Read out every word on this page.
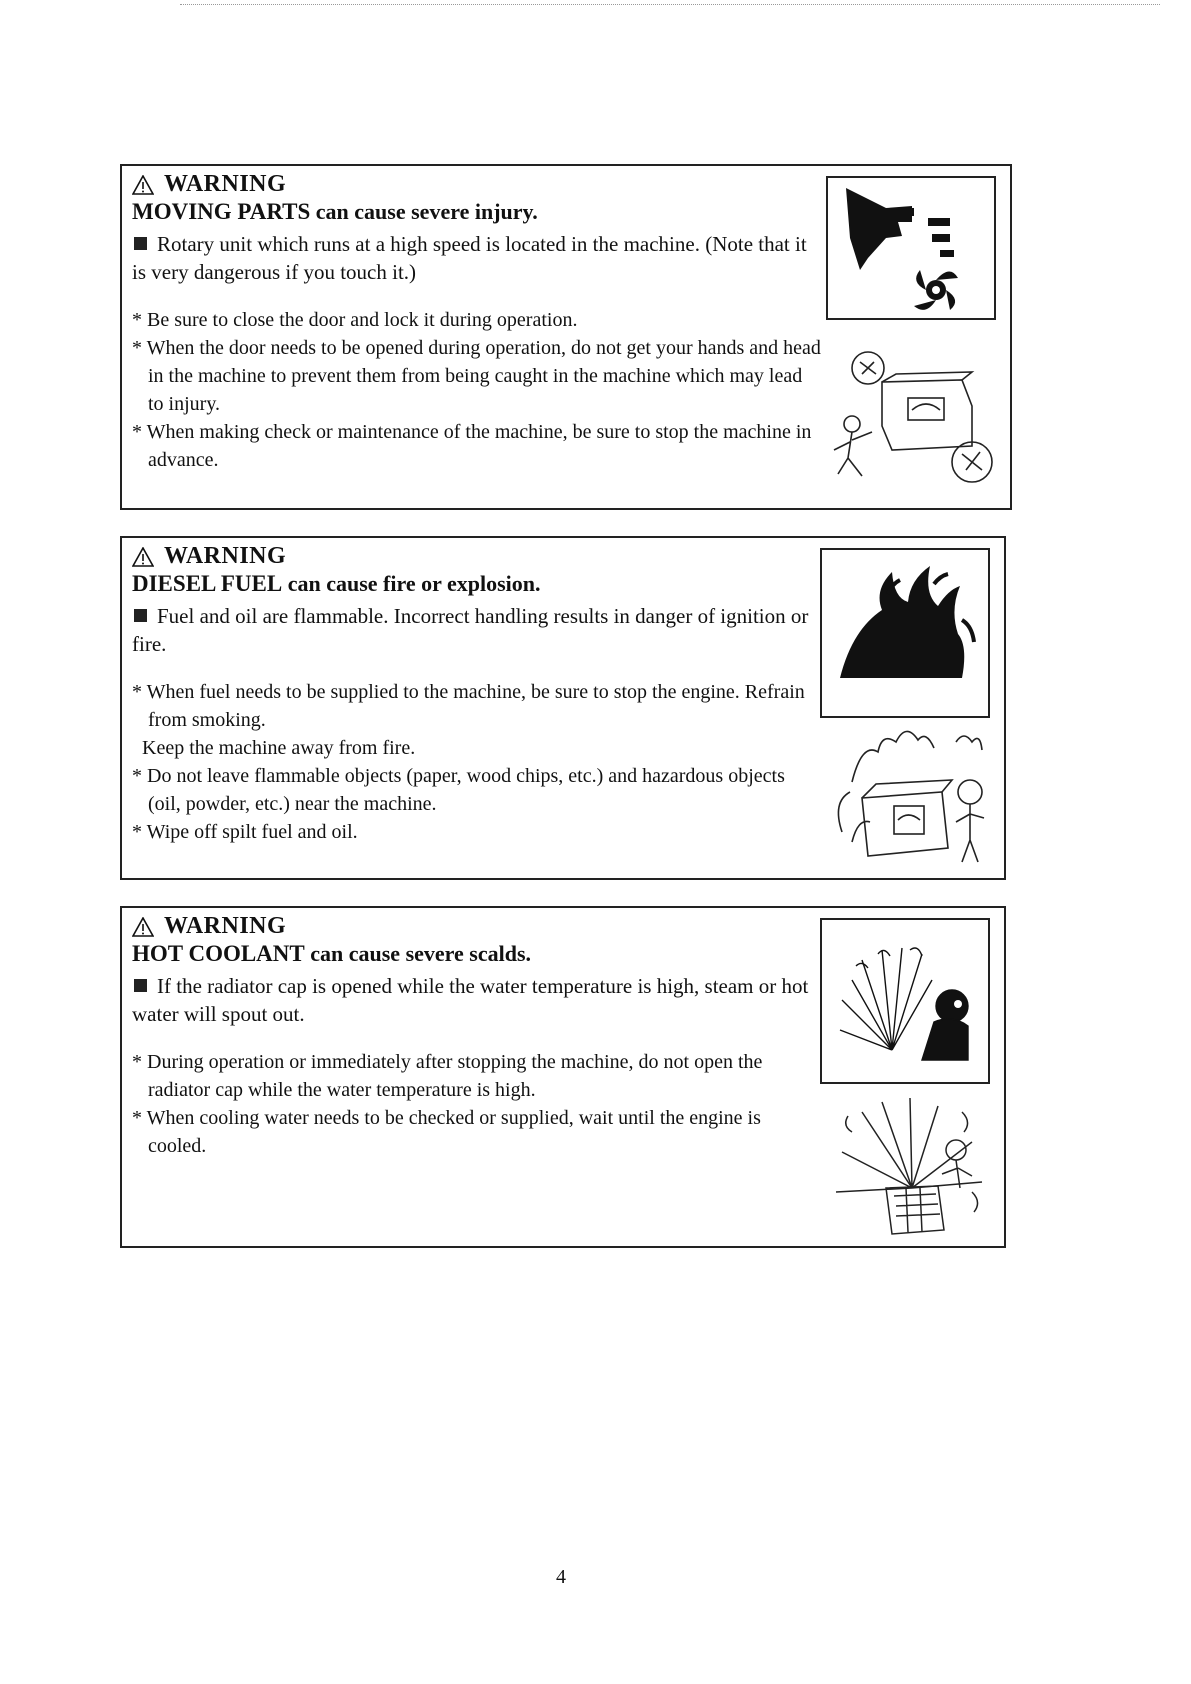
WARNING
MOVING PARTS can cause severe injury.
Rotary unit which runs at a high speed is located in the machine. (Note that it is very dangerous if you touch it.)
* Be sure to close the door and lock it during operation.
* When the door needs to be opened during operation, do not get your hands and head in the machine to prevent them from being caught in the machine which may lead to injury.
* When making check or maintenance of the machine, be sure to stop the machine in advance.
WARNING
DIESEL FUEL can cause fire or explosion.
Fuel and oil are flammable. Incorrect handling results in danger of ignition or fire.
* When fuel needs to be supplied to the machine, be sure to stop the engine. Refrain from smoking.
Keep the machine away from fire.
* Do not leave flammable objects (paper, wood chips, etc.) and hazardous objects (oil, powder, etc.) near the machine.
* Wipe off spilt fuel and oil.
WARNING
HOT COOLANT can cause severe scalds.
If the radiator cap is opened while the water temperature is high, steam or hot water will spout out.
* During operation or immediately after stopping the machine, do not open the radiator cap while the water temperature is high.
* When cooling water needs to be checked or supplied, wait until the engine is cooled.
4
